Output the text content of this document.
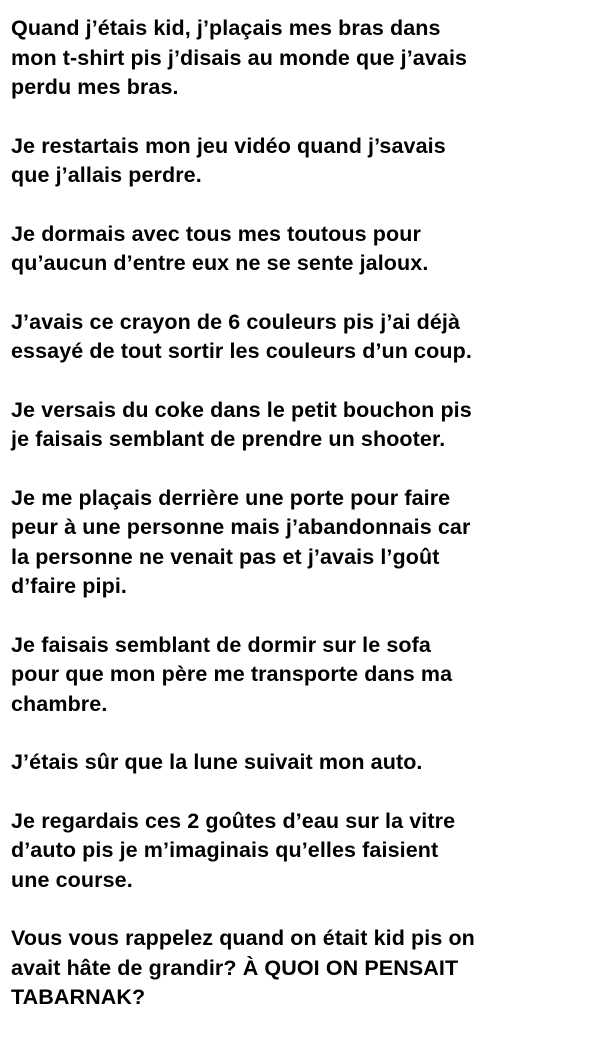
Quand j’étais kid, j’plaçais mes bras dans
mon t-shirt pis j’disais au monde que j’avais
perdu mes bras.

Je restartais mon jeu vidéo quand j’savais
que j’allais perdre.

Je dormais avec tous mes toutous pour
qu’aucun d’entre eux ne se sente jaloux.

J’avais ce crayon de 6 couleurs pis j’ai déjà
essayé de tout sortir les couleurs d’un coup.

Je versais du coke dans le petit bouchon pis
je faisais semblant de prendre un shooter.

Je me plaçais derrière une porte pour faire
peur à une personne mais j’abandonnais car
la personne ne venait pas et j’avais l’goût
d’faire pipi.

Je faisais semblant de dormir sur le sofa
pour que mon père me transporte dans ma
chambre.

J’étais sûr que la lune suivait mon auto.

Je regardais ces 2 goûtes d’eau sur la vitre
d’auto pis je m’imaginais qu’elles faisient
une course.

Vous vous rappelez quand on était kid pis on
avait hâte de grandir? À QUOI ON PENSAIT
TABARNAK?
